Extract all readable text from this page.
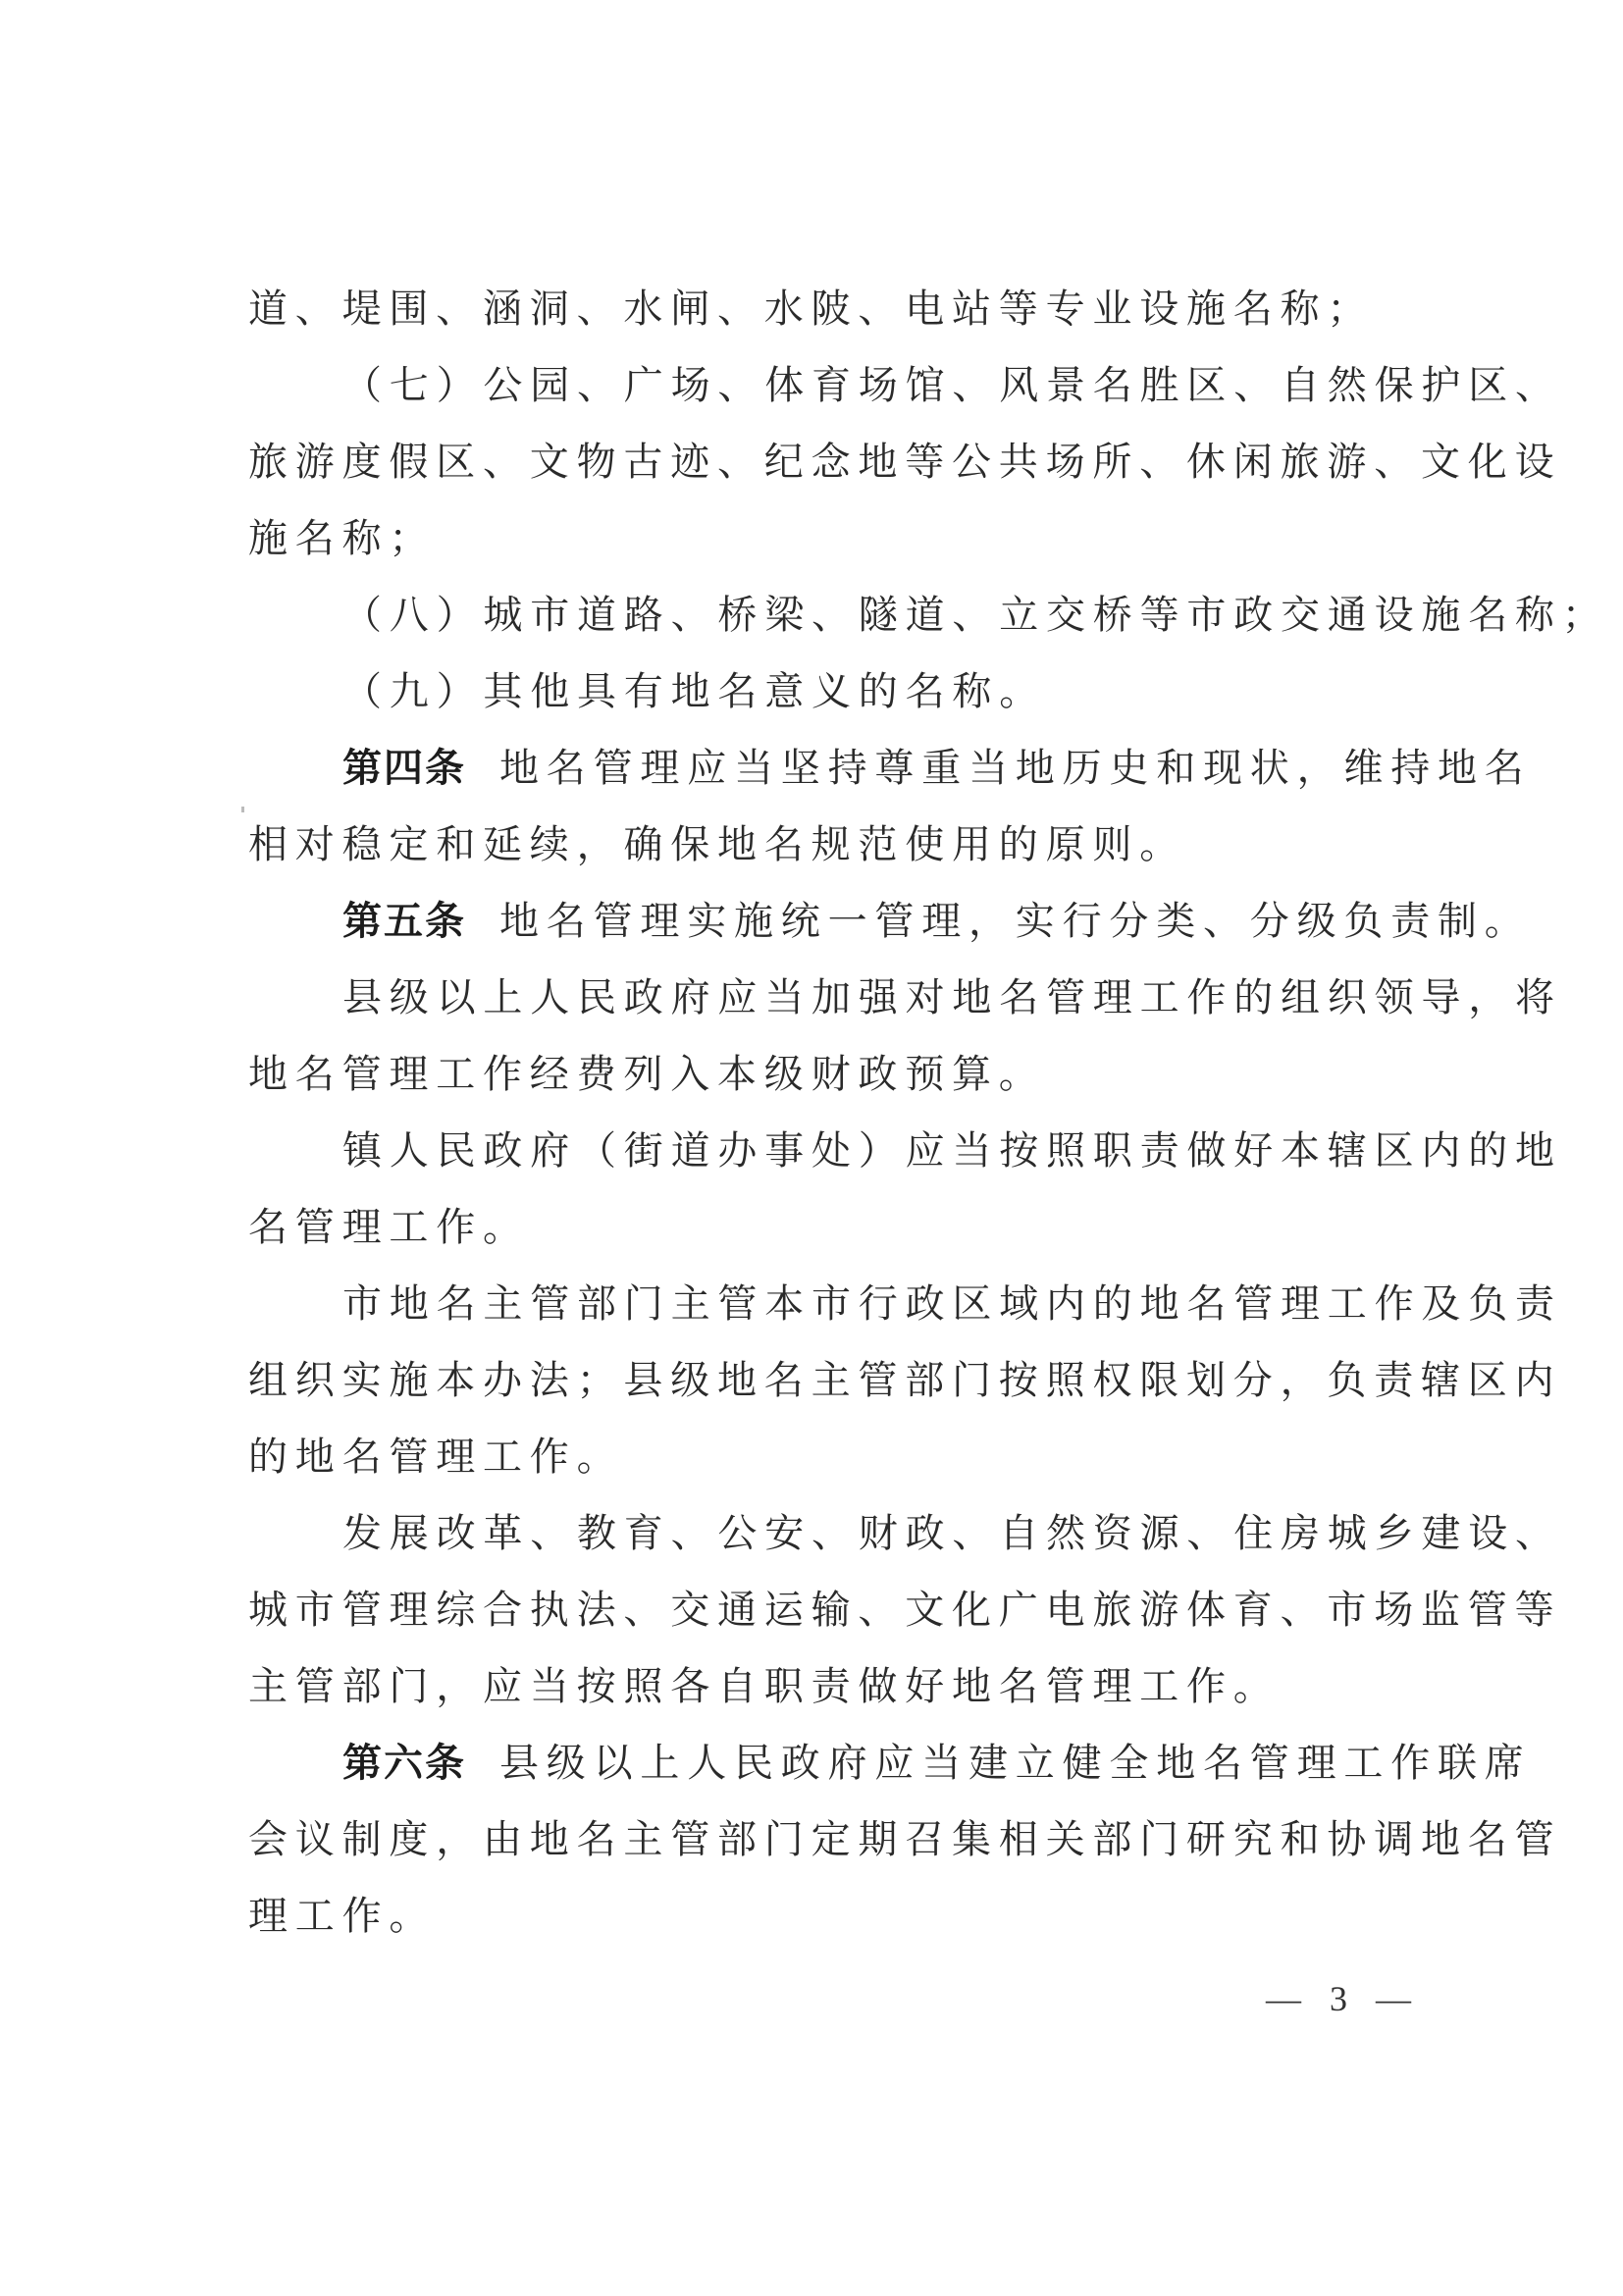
道、堤围、涵洞、水闸、水陂、电站等专业设施名称；
（七）公园、广场、体育场馆、风景名胜区、自然保护区、
旅游度假区、文物古迹、纪念地等公共场所、休闲旅游、文化设
施名称；
（八）城市道路、桥梁、隧道、立交桥等市政交通设施名称；
（九）其他具有地名意义的名称。
第四条 地名管理应当坚持尊重当地历史和现状，维持地名
相对稳定和延续，确保地名规范使用的原则。
第五条 地名管理实施统一管理，实行分类、分级负责制。
县级以上人民政府应当加强对地名管理工作的组织领导，将
地名管理工作经费列入本级财政预算。
镇人民政府（街道办事处）应当按照职责做好本辖区内的地
名管理工作。
市地名主管部门主管本市行政区域内的地名管理工作及负责
组织实施本办法；县级地名主管部门按照权限划分，负责辖区内
的地名管理工作。
发展改革、教育、公安、财政、自然资源、住房城乡建设、
城市管理综合执法、交通运输、文化广电旅游体育、市场监管等
主管部门，应当按照各自职责做好地名管理工作。
第六条 县级以上人民政府应当建立健全地名管理工作联席
会议制度，由地名主管部门定期召集相关部门研究和协调地名管
理工作。
— 3 —
